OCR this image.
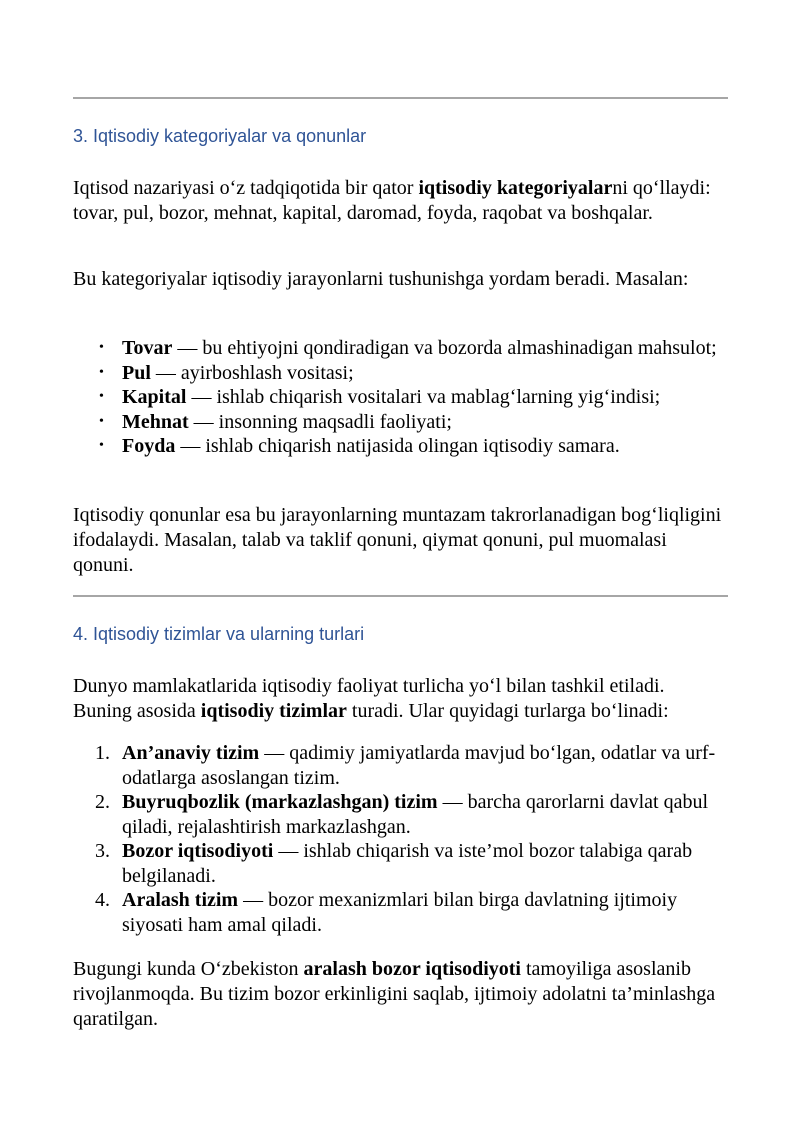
3. Iqtisodiy kategoriyalar va qonunlar

Iqtisod nazariyasi o‘z tadqiqotida bir qator iqtisodiy kategoriyalarni qo‘llaydi: tovar, pul, bozor, mehnat, kapital, daromad, foyda, raqobat va boshqalar.

Bu kategoriyalar iqtisodiy jarayonlarni tushunishga yordam beradi. Masalan:

• Tovar — bu ehtiyojni qondiradigan va bozorda almashinadigan mahsulot;
• Pul — ayirboshlash vositasi;
• Kapital — ishlab chiqarish vositalari va mablag‘larning yig‘indisi;
• Mehnat — insonning maqsadli faoliyati;
• Foyda — ishlab chiqarish natijasida olingan iqtisodiy samara.

Iqtisodiy qonunlar esa bu jarayonlarning muntazam takrorlanadigan bog‘liqligini ifodalaydi. Masalan, talab va taklif qonuni, qiymat qonuni, pul muomalasi qonuni.

4. Iqtisodiy tizimlar va ularning turlari

Dunyo mamlakatlarida iqtisodiy faoliyat turlicha yo‘l bilan tashkil etiladi. Buning asosida iqtisodiy tizimlar turadi. Ular quyidagi turlarga bo‘linadi:

1. An’anaviy tizim — qadimiy jamiyatlarda mavjud bo‘lgan, odatlar va urf-odatlarga asoslangan tizim.
2. Buyruqbozlik (markazlashgan) tizim — barcha qarorlarni davlat qabul qiladi, rejalashtirish markazlashgan.
3. Bozor iqtisodiyoti — ishlab chiqarish va iste’mol bozor talabiga qarab belgilanadi.
4. Aralash tizim — bozor mexanizmlari bilan birga davlatning ijtimoiy siyosati ham amal qiladi.

Bugungi kunda O‘zbekiston aralash bozor iqtisodiyoti tamoyiliga asoslanib rivojlanmoqda. Bu tizim bozor erkinligini saqlab, ijtimoiy adolatni ta’minlashga qaratilgan.
